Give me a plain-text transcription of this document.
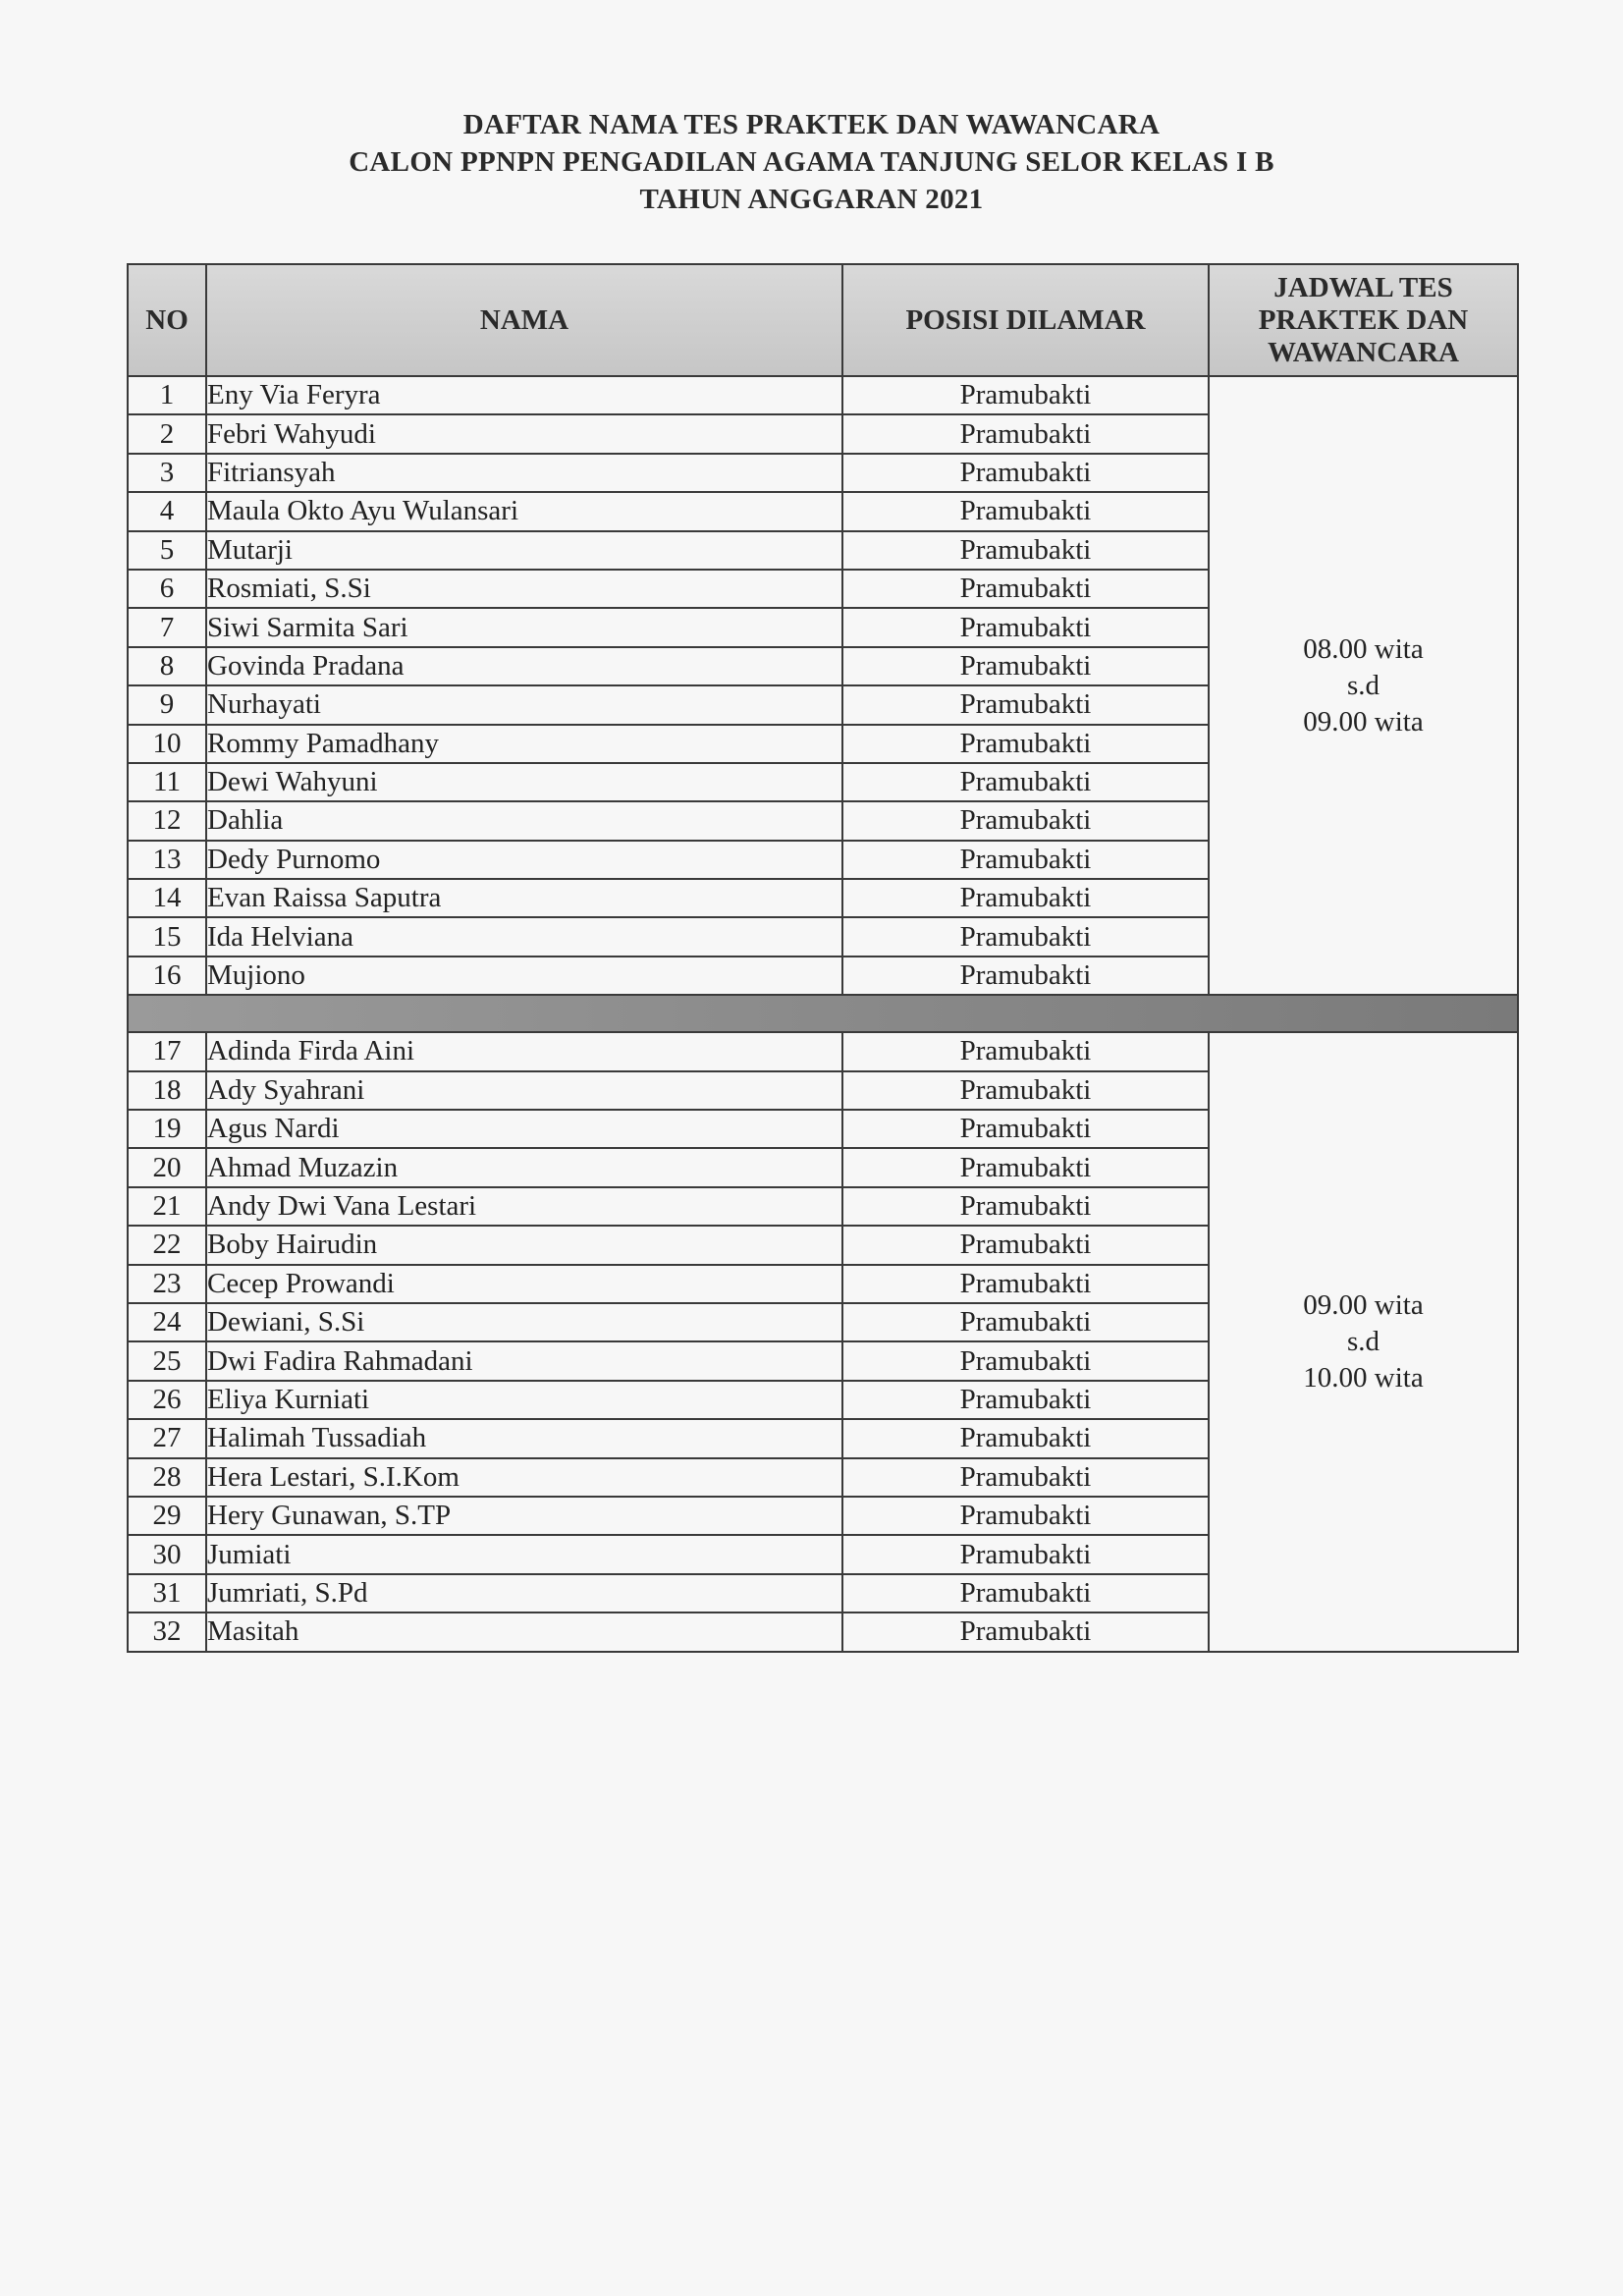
DAFTAR NAMA TES PRAKTEK DAN WAWANCARA
CALON PPNPN PENGADILAN AGAMA TANJUNG SELOR KELAS I B
TAHUN ANGGARAN 2021
NO	NAMA	POSISI DILAMAR	JADWAL TES
PRAKTEK DAN
WAWANCARA

1	Eny Via Feryra	Pramubakti	08.00 wita
s.d
09.00 wita

2	Febri Wahyudi	Pramubakti	
3	Fitriansyah	Pramubakti	
4	Maula Okto Ayu Wulansari	Pramubakti	
5	Mutarji	Pramubakti	
6	Rosmiati, S.Si	Pramubakti	
7	Siwi Sarmita Sari	Pramubakti	
8	Govinda Pradana	Pramubakti	
9	Nurhayati	Pramubakti	
10	Rommy Pamadhany	Pramubakti	
11	Dewi Wahyuni	Pramubakti	
12	Dahlia	Pramubakti	
13	Dedy Purnomo	Pramubakti	
14	Evan Raissa Saputra	Pramubakti	
15	Ida Helviana	Pramubakti	
16	Mujiono	Pramubakti	

17	Adinda Firda Aini	Pramubakti	09.00 wita
s.d
10.00 wita

18	Ady Syahrani	Pramubakti	
19	Agus Nardi	Pramubakti	
20	Ahmad Muzazin	Pramubakti	
21	Andy Dwi Vana Lestari	Pramubakti	
22	Boby Hairudin	Pramubakti	
23	Cecep Prowandi	Pramubakti	
24	Dewiani, S.Si	Pramubakti	
25	Dwi Fadira Rahmadani	Pramubakti	
26	Eliya Kurniati	Pramubakti	
27	Halimah Tussadiah	Pramubakti	
28	Hera Lestari, S.I.Kom	Pramubakti	
29	Hery Gunawan, S.TP	Pramubakti	
30	Jumiati	Pramubakti	
31	Jumriati, S.Pd	Pramubakti	
32	Masitah	Pramubakti	
